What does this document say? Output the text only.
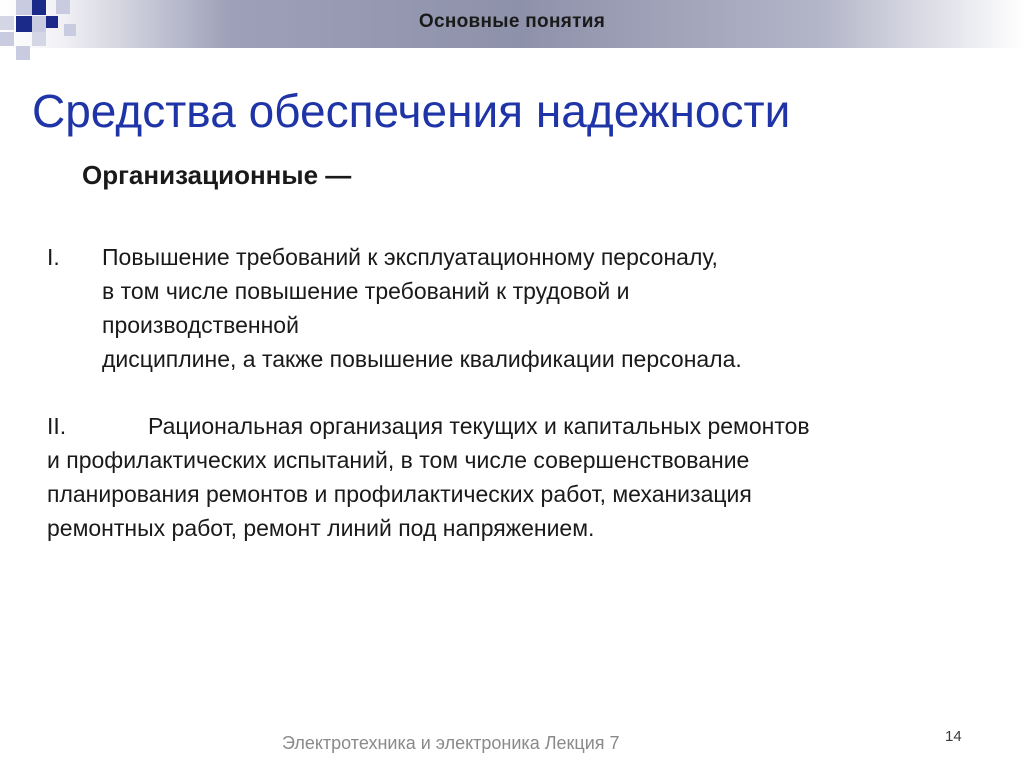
Основные понятия
Средства обеспечения надежности
Организационные —
I. Повышение требований к эксплуатационному персоналу,
в том числе повышение требований к трудовой и
производственной
дисциплине, а также повышение квалификации персонала.
II.	Рациональная организация текущих и капитальных ремонтов
и профилактических испытаний, в том числе совершенствование
планирования ремонтов и профилактических работ, механизация
ремонтных работ, ремонт линий под напряжением.
Электротехника и электроника Лекция 7	14
